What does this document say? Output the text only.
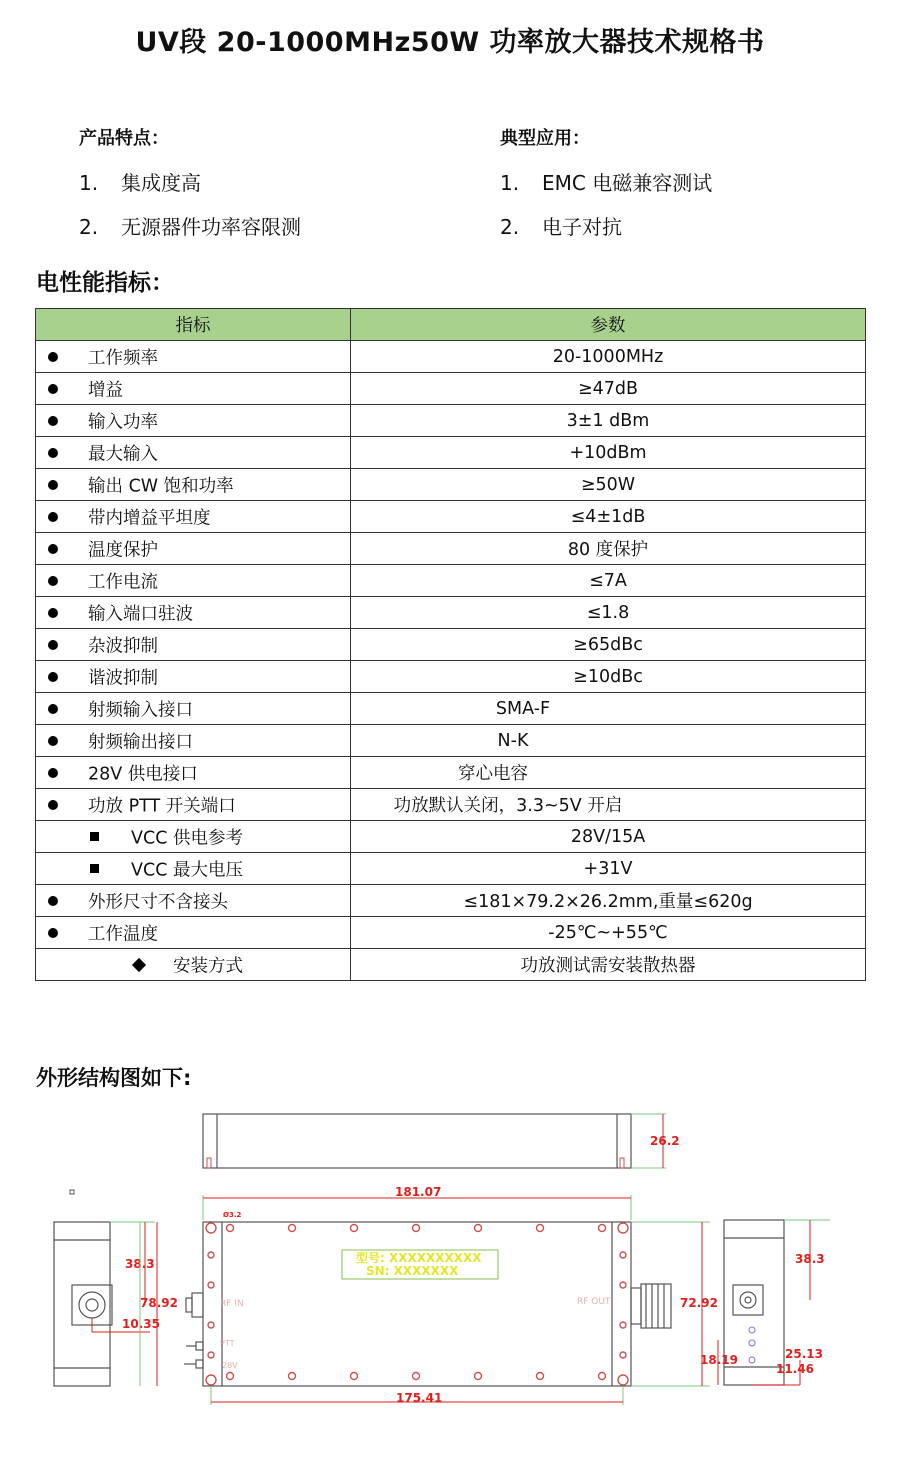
UV段 20-1000MHz50W 功率放大器技术规格书
产品特点：	典型应用：
1. 集成度高
2. 无源器件功率容限测
1. EMC 电磁兼容测试
2. 电子对抗
电性能指标：
指标	参数

工作频率	20-1000MHz

增益	≥47dB

输入功率	3±1 dBm

最大输入	+10dBm

输出 CW 饱和功率	≥50W

带内增益平坦度	≤4±1dB

温度保护	80 度保护

工作电流	≤7A

输入端口驻波	≤1.8

杂波抑制	≥65dBc

谐波抑制	≥10dBc

射频输入接口	SMA-F

射频输出接口	N-K

28V 供电接口	穿心电容

功放 PTT 开关端口	功放默认关闭，3.3~5V 开启

VCC 供电参考	28V/15A

VCC 最大电压	+31V

外形尺寸不含接头	≤181×79.2×26.2mm,重量≤620g

工作温度	-25℃~+55℃

安装方式	功放测试需安装散热器
外形结构图如下:
26.2
181.07
38.3
10.35
78.92
Ø3.2
型号: XXXXXXXXXX
SN: XXXXXXX
RF IN	RF OUT
PTT
28V
72.92
175.41
38.3
18.19	25.13
11.46
